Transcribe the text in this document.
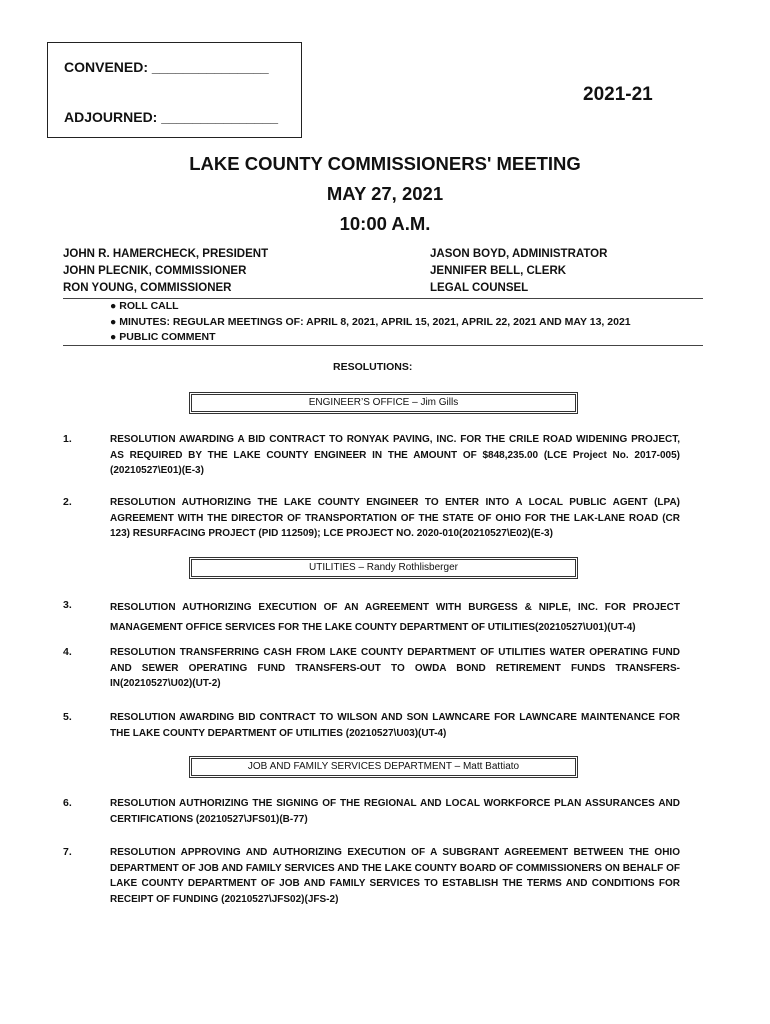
CONVENED: _______________
ADJOURNED: _______________
2021-21
LAKE COUNTY COMMISSIONERS' MEETING
MAY 27, 2021
10:00 A.M.
JOHN R. HAMERCHECK, PRESIDENT
JOHN PLECNIK, COMMISSIONER
RON YOUNG, COMMISSIONER
JASON BOYD, ADMINISTRATOR
JENNIFER BELL, CLERK
LEGAL COUNSEL
● ROLL CALL
● MINUTES: REGULAR MEETINGS OF: APRIL 8, 2021, APRIL 15, 2021, APRIL 22, 2021 AND MAY 13, 2021
● PUBLIC COMMENT
RESOLUTIONS:
ENGINEER’S OFFICE – Jim Gills
1.	RESOLUTION AWARDING A BID CONTRACT TO RONYAK PAVING, INC. FOR THE CRILE ROAD WIDENING PROJECT, AS REQUIRED BY THE LAKE COUNTY ENGINEER IN THE AMOUNT OF $848,235.00 (LCE Project No. 2017-005)(20210527\E01)(E-3)
2.	RESOLUTION AUTHORIZING THE LAKE COUNTY ENGINEER TO ENTER INTO A LOCAL PUBLIC AGENT (LPA) AGREEMENT WITH THE DIRECTOR OF TRANSPORTATION OF THE STATE OF OHIO FOR THE LAK-LANE ROAD (CR 123) RESURFACING PROJECT (PID 112509); LCE PROJECT NO. 2020-010(20210527\E02)(E-3)
UTILITIES – Randy Rothlisberger
3.	RESOLUTION AUTHORIZING EXECUTION OF AN AGREEMENT WITH BURGESS & NIPLE, INC. FOR PROJECT MANAGEMENT OFFICE SERVICES FOR THE LAKE COUNTY DEPARTMENT OF UTILITIES(20210527\U01)(UT-4)
4.	RESOLUTION TRANSFERRING CASH FROM LAKE COUNTY DEPARTMENT OF UTILITIES WATER OPERATING FUND AND SEWER OPERATING FUND TRANSFERS-OUT TO OWDA BOND RETIREMENT FUNDS TRANSFERS-IN(20210527\U02)(UT-2)
5.	RESOLUTION AWARDING BID CONTRACT TO WILSON AND SON LAWNCARE FOR LAWNCARE MAINTENANCE FOR THE LAKE COUNTY DEPARTMENT OF UTILITIES (20210527\U03)(UT-4)
JOB AND FAMILY SERVICES DEPARTMENT – Matt Battiato
6.	RESOLUTION AUTHORIZING THE SIGNING OF THE REGIONAL AND LOCAL WORKFORCE PLAN ASSURANCES AND CERTIFICATIONS (20210527\JFS01)(B-77)
7.	RESOLUTION APPROVING AND AUTHORIZING EXECUTION OF A SUBGRANT AGREEMENT BETWEEN THE OHIO DEPARTMENT OF JOB AND FAMILY SERVICES AND THE LAKE COUNTY BOARD OF COMMISSIONERS ON BEHALF OF LAKE COUNTY DEPARTMENT OF JOB AND FAMILY SERVICES TO ESTABLISH THE TERMS AND CONDITIONS FOR RECEIPT OF FUNDING (20210527\JFS02)(JFS-2)
